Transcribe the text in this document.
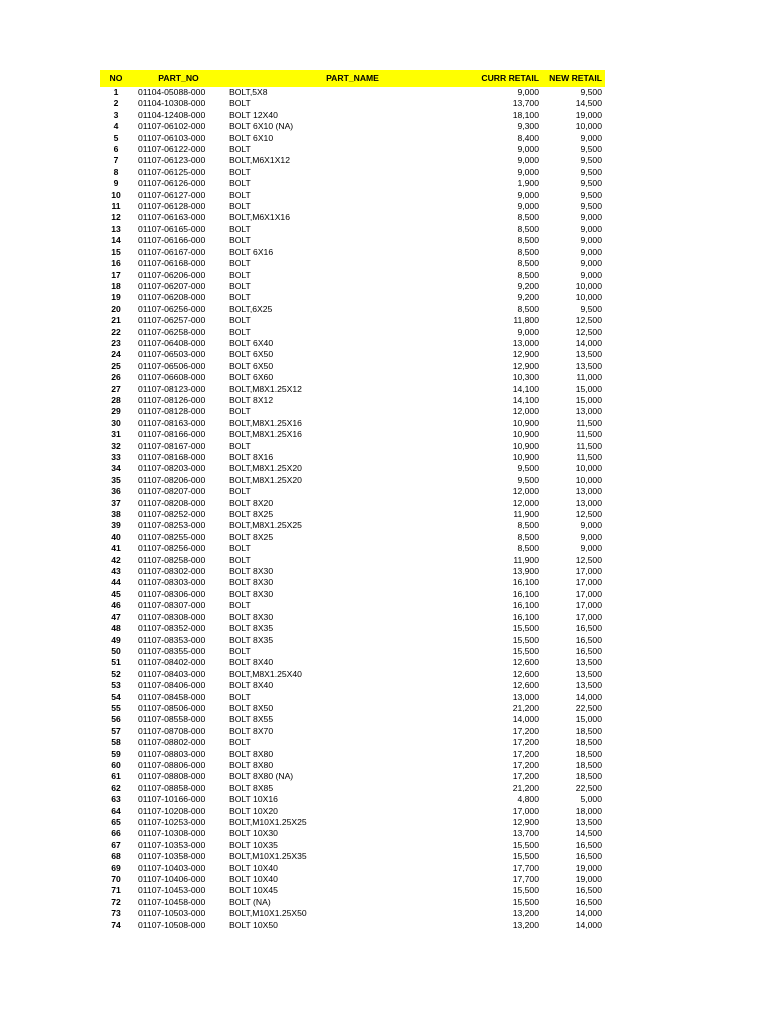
NO	PART_NO	PART_NAME	CURR RETAIL	NEW RETAIL
1	01104-05088-000	BOLT,5X8	9,000	9,500
2	01104-10308-000	BOLT	13,700	14,500
3	01104-12408-000	BOLT 12X40	18,100	19,000
4	01107-06102-000	BOLT 6X10 (NA)	9,300	10,000
5	01107-06103-000	BOLT 6X10	8,400	9,000
6	01107-06122-000	BOLT	9,000	9,500
7	01107-06123-000	BOLT,M6X1X12	9,000	9,500
8	01107-06125-000	BOLT	9,000	9,500
9	01107-06126-000	BOLT	1,900	9,500
10	01107-06127-000	BOLT	9,000	9,500
11	01107-06128-000	BOLT	9,000	9,500
12	01107-06163-000	BOLT,M6X1X16	8,500	9,000
13	01107-06165-000	BOLT	8,500	9,000
14	01107-06166-000	BOLT	8,500	9,000
15	01107-06167-000	BOLT 6X16	8,500	9,000
16	01107-06168-000	BOLT	8,500	9,000
17	01107-06206-000	BOLT	8,500	9,000
18	01107-06207-000	BOLT	9,200	10,000
19	01107-06208-000	BOLT	9,200	10,000
20	01107-06256-000	BOLT,6X25	8,500	9,500
21	01107-06257-000	BOLT	11,800	12,500
22	01107-06258-000	BOLT	9,000	12,500
23	01107-06408-000	BOLT 6X40	13,000	14,000
24	01107-06503-000	BOLT 6X50	12,900	13,500
25	01107-06506-000	BOLT 6X50	12,900	13,500
26	01107-06608-000	BOLT 6X60	10,300	11,000
27	01107-08123-000	BOLT,M8X1.25X12	14,100	15,000
28	01107-08126-000	BOLT 8X12	14,100	15,000
29	01107-08128-000	BOLT	12,000	13,000
30	01107-08163-000	BOLT,M8X1.25X16	10,900	11,500
31	01107-08166-000	BOLT,M8X1.25X16	10,900	11,500
32	01107-08167-000	BOLT	10,900	11,500
33	01107-08168-000	BOLT 8X16	10,900	11,500
34	01107-08203-000	BOLT,M8X1.25X20	9,500	10,000
35	01107-08206-000	BOLT,M8X1.25X20	9,500	10,000
36	01107-08207-000	BOLT	12,000	13,000
37	01107-08208-000	BOLT 8X20	12,000	13,000
38	01107-08252-000	BOLT 8X25	11,900	12,500
39	01107-08253-000	BOLT,M8X1.25X25	8,500	9,000
40	01107-08255-000	BOLT 8X25	8,500	9,000
41	01107-08256-000	BOLT	8,500	9,000
42	01107-08258-000	BOLT	11,900	12,500
43	01107-08302-000	BOLT 8X30	13,900	17,000
44	01107-08303-000	BOLT 8X30	16,100	17,000
45	01107-08306-000	BOLT 8X30	16,100	17,000
46	01107-08307-000	BOLT	16,100	17,000
47	01107-08308-000	BOLT 8X30	16,100	17,000
48	01107-08352-000	BOLT 8X35	15,500	16,500
49	01107-08353-000	BOLT 8X35	15,500	16,500
50	01107-08355-000	BOLT	15,500	16,500
51	01107-08402-000	BOLT 8X40	12,600	13,500
52	01107-08403-000	BOLT,M8X1.25X40	12,600	13,500
53	01107-08406-000	BOLT 8X40	12,600	13,500
54	01107-08458-000	BOLT	13,000	14,000
55	01107-08506-000	BOLT 8X50	21,200	22,500
56	01107-08558-000	BOLT 8X55	14,000	15,000
57	01107-08708-000	BOLT 8X70	17,200	18,500
58	01107-08802-000	BOLT	17,200	18,500
59	01107-08803-000	BOLT 8X80	17,200	18,500
60	01107-08806-000	BOLT 8X80	17,200	18,500
61	01107-08808-000	BOLT 8X80 (NA)	17,200	18,500
62	01107-08858-000	BOLT 8X85	21,200	22,500
63	01107-10166-000	BOLT 10X16	4,800	5,000
64	01107-10208-000	BOLT 10X20	17,000	18,000
65	01107-10253-000	BOLT,M10X1.25X25	12,900	13,500
66	01107-10308-000	BOLT 10X30	13,700	14,500
67	01107-10353-000	BOLT 10X35	15,500	16,500
68	01107-10358-000	BOLT,M10X1.25X35	15,500	16,500
69	01107-10403-000	BOLT 10X40	17,700	19,000
70	01107-10406-000	BOLT 10X40	17,700	19,000
71	01107-10453-000	BOLT 10X45	15,500	16,500
72	01107-10458-000	BOLT (NA)	15,500	16,500
73	01107-10503-000	BOLT,M10X1.25X50	13,200	14,000
74	01107-10508-000	BOLT 10X50	13,200	14,000
